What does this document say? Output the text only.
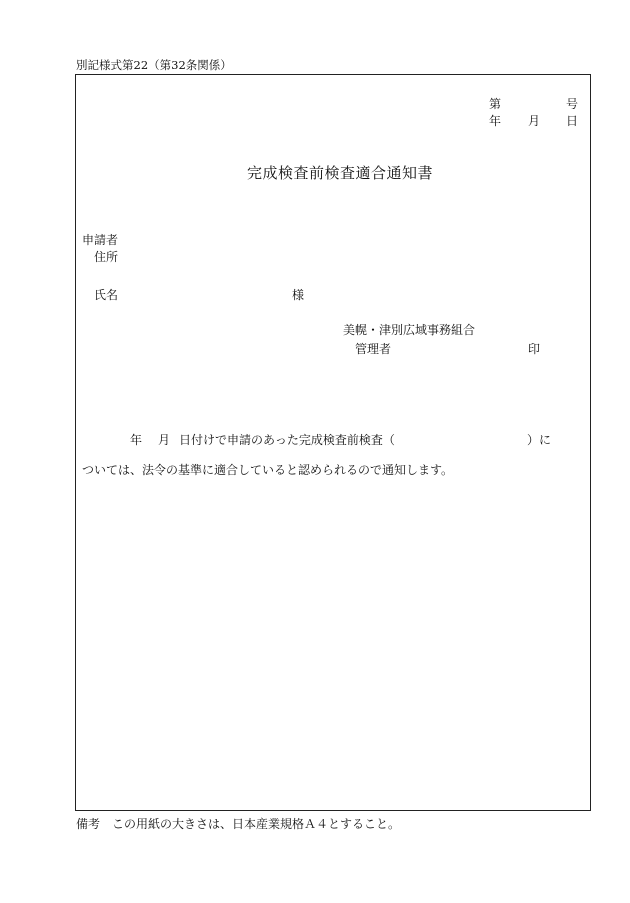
別記様式第22（第32条関係）
第	号
年 月 日
完成検査前検査適合通知書
申請者
住所
氏名	様
美幌・津別広域事務組合
管理者	印
年 月 日付けで申請のあった完成検査前検査（	）に
ついては、法令の基準に適合していると認められるので通知します。
備考　この用紙の大きさは、日本産業規格Ａ４とすること。
